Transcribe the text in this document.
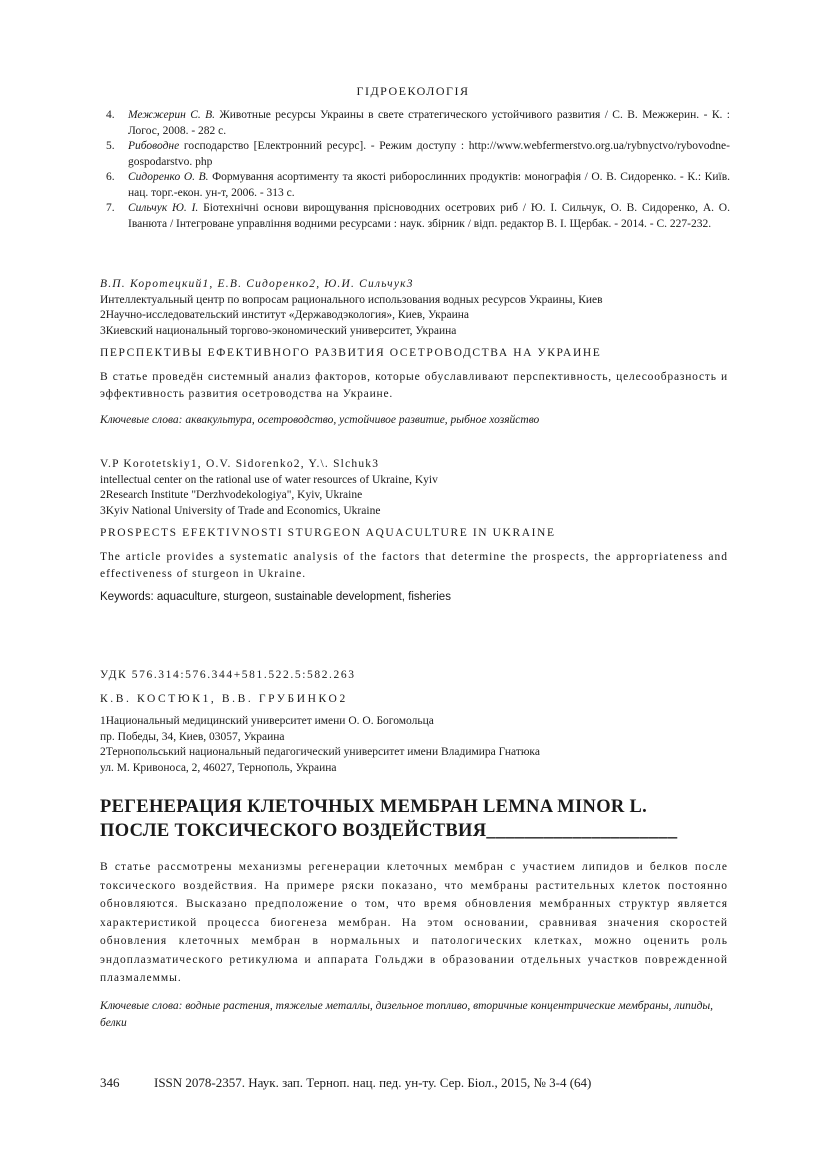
ГІДРОЕКОЛОГІЯ
4.	Межжерин С. В. Животные ресурсы Украины в свете стратегического устойчивого развития / С. В. Межжерин. - К. : Логос, 2008. - 282 с.
5.	Рибоводне господарство [Електронний ресурс]. - Режим доступу : http://www.webfermerstvo.org.ua/rybnyctvo/rybovodne-gospodarstvo. php
6.	Сидоренко О. В. Формування асортименту та якості риборослинних продуктів: монографія / О. В. Сидоренко. - К.: Київ. нац. торг.-екон. ун-т, 2006. - 313 с.
7.	Сильчук Ю. І. Біотехнічні основи вирощування прісноводних осетрових риб / Ю. І. Сильчук, О. В. Сидоренко, А. О. Іванюта / Інтегроване управління водними ресурсами : наук. збірник / відп. редактор В. І. Щербак. - 2014. - С. 227-232.
В.П. Коротецкий1, Е.В. Сидоренко2, Ю.И. Сильчук3
Интеллектуальный центр по вопросам рационального использования водных ресурсов Украины, Киев
2Научно-исследовательский институт «Державодэкология», Киев, Украина
3Киевский национальный торгово-экономический университет, Украина
ПЕРСПЕКТИВЫ ЕФЕКТИВНОГО РАЗВИТИЯ ОСЕТРОВОДСТВА НА УКРАИНЕ
В статье проведён системный анализ факторов, которые обуславливают перспективность, целесообразность и эффективность развития осетроводства на Украине.
Ключевые слова: аквакультура, осетроводство, устойчивое развитие, рыбное хозяйство
V.P Korotetskiy1, O.V. Sidorenko2, Y.\. Slchuk3
intellectual center on the rational use of water resources of Ukraine, Kyiv
2Research Institute "Derzhvodekologiya", Kyiv, Ukraine
3Kyiv National University of Trade and Economics, Ukraine
PROSPECTS EFEKTIVNOSTI STURGEON AQUACULTURE IN UKRAINE
The article provides a systematic analysis of the factors that determine the prospects, the appropriateness and effectiveness of sturgeon in Ukraine.
Keywords: aquaculture, sturgeon, sustainable development, fisheries
УДК 576.314:576.344+581.522.5:582.263
К.В. КОСТЮК1, В.В. ГРУБИНКО2
1Национальный медицинский университет имени О. О. Богомольца
пр. Победы, 34, Киев, 03057, Украина
2Тернопольський национальный педагогический университет имени Владимира Гнатюка
ул. М. Кривоноса, 2, 46027, Тернополь, Украина
РЕГЕНЕРАЦИЯ КЛЕТОЧНЫХ МЕМБРАН LEMNA MINOR L.
ПОСЛЕ ТОКСИЧЕСКОГО ВОЗДЕЙСТВИЯ____________________
В статье рассмотрены механизмы регенерации клеточных мембран с участием липидов и белков после токсического воздействия. На примере ряски показано, что мембраны растительных клеток постоянно обновляются. Высказано предположение о том, что время обновления мембранных структур является характеристикой процесса биогенеза мембран. На этом основании, сравнивая значения скоростей обновления клеточных мембран в нормальных и патологических клетках, можно оценить роль эндоплазматического ретикулюма и аппарата Гольджи в образовании отдельных участков поврежденной плазмалеммы.
Ключевые слова: водные растения, тяжелые металлы, дизельное топливо, вторичные концентрические мембраны, липиды, белки
346	ISSN 2078-2357. Наук. зап. Терноп. нац. пед. ун-ту. Сер. Біол., 2015, № 3-4 (64)
